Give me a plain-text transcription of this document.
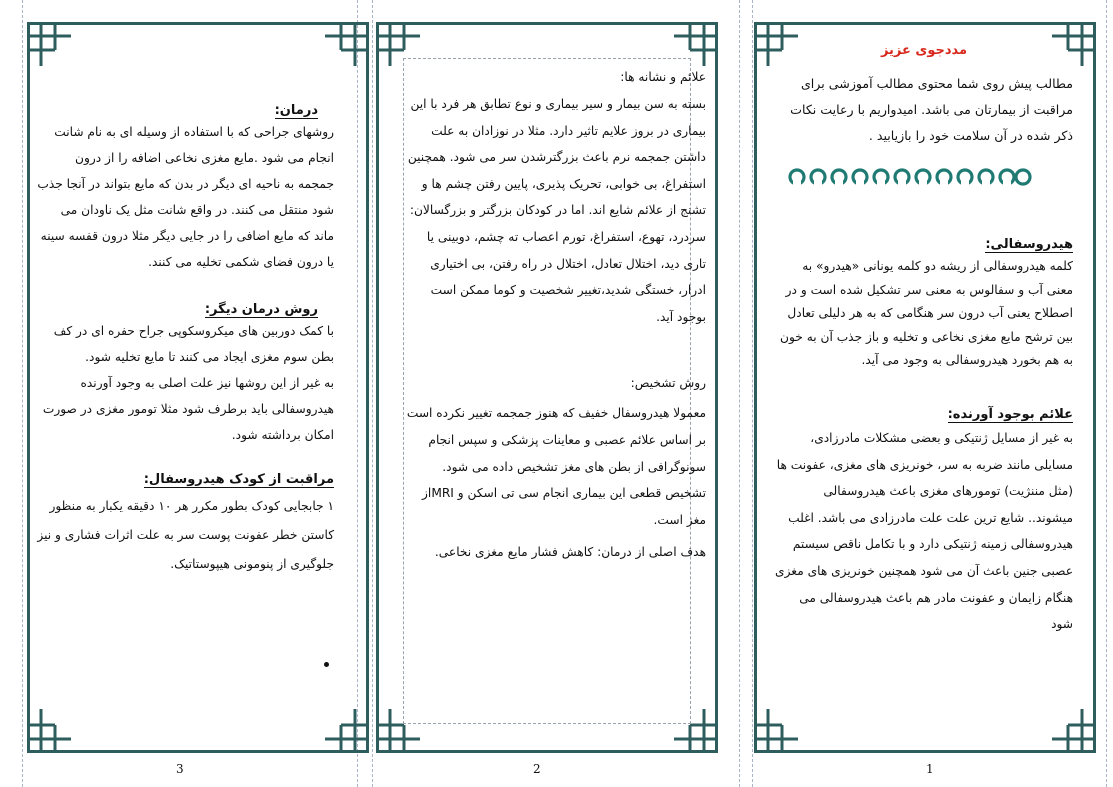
درمان:

روشهای جراحی که با استفاده از وسیله ای به نام شانت انجام می شود .مایع مغزی نخاعی اضافه را از درون جمجمه به ناحیه ای دیگر در بدن که مایع بتواند در آنجا جذب شود منتقل می کنند. در واقع شانت مثل یک ناودان می ماند که مایع اضافی را در جایی دیگر مثلا درون قفسه سینه یا درون فضای شکمی تخلیه می کنند.

روش درمان دیگر:

با کمک دوربین های میکروسکوپی جراح حفره ای در کف بطن سوم مغزی ایجاد می کنند تا مایع تخلیه شود.

به غیر از این روشها نیز علت اصلی به وجود آورنده هیدروسفالی باید برطرف شود مثلا تومور مغزی در صورت امکان برداشته شود.

مراقبت از کودک هیدروسفال:

۱ جابجایی کودک بطور مکرر هر ۱۰ دقیقه یکبار به منظور کاستن خطر عفونت پوست سر به علت اثرات فشاری و نیز جلوگیری از پنومونی هیپوستاتیک.

3

علائم و نشانه ها:

بسته به سن بیمار و سیر بیماری و نوع تطابق هر فرد با این بیماری در بروز علایم تاثیر دارد. مثلا در نوزادان به علت داشتن جمجمه نرم باعث بزرگترشدن سر می شود. همچنین استفراغ، بی خوابی، تحریک پذیری، پایین رفتن چشم ها و تشنج از علائم شایع اند. اما در کودکان بزرگتر و بزرگسالان: سردرد، تهوع، استفراغ، تورم اعصاب ته چشم، دوبینی یا تاری دید، اختلال تعادل، اختلال در راه رفتن، بی اختیاری ادرار، خستگی شدید،تغییر شخصیت و کوما ممکن است بوجود آید.

روش تشخیص:

معمولا هیدروسفال خفیف که هنوز جمجمه تغییر نکرده است بر اساس علائم عصبی و معاینات پزشکی و سپس انجام سونوگرافی از بطن های مغز تشخیص داده می شود. تشخیص قطعی این بیماری انجام سی تی اسکن و MRIاز مغز است.

هدف اصلی از درمان: کاهش فشار مایع مغزی نخاعی.

2

مددجوی عزیز

مطالب پیش روی شما محتوی مطالب آموزشی برای مراقبت از بیمارتان می باشد. امیدواریم با رعایت نکات ذکر شده در آن سلامت خود را بازیابید .

هیدروسفالی:

کلمه هیدروسفالی از ریشه دو کلمه یونانی «هیدرو» به معنی آب و سفالوس به معنی سر تشکیل شده است و در اصطلاح یعنی آب درون سر هنگامی که به هر دلیلی تعادل بین ترشح مایع مغزی نخاعی و تخلیه و باز جذب آن به خون به هم بخورد هیدروسفالی به وجود می آید.

علائم بوجود آورنده:

به غیر از مسایل ژنتیکی و بعضی مشکلات مادرزادی، مسایلی مانند ضربه به سر، خونریزی های مغزی، عفونت ها (مثل مننژیت) تومورهای مغزی باعث هیدروسفالی میشوند.. شایع ترین علت علت مادرزادی می باشد. اغلب هیدروسفالی زمینه ژنتیکی دارد و با تکامل ناقص سیستم عصبی جنین باعث آن می شود همچنین خونریزی های مغزی هنگام زایمان و عفونت مادر هم باعث هیدروسفالی می شود

1
